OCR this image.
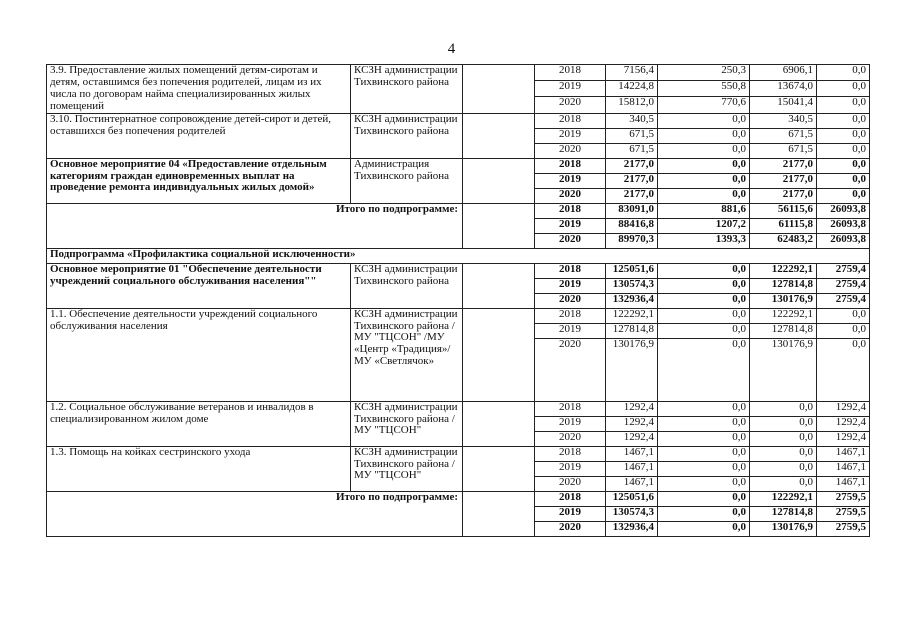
4
3.9. Предоставление жилых помещений детям-сиротам и детям, оставшимся без попечения родителей, лицам из их числа по договорам найма специализированных жилых помещений	КСЗН администрации Тихвинского района		2018	7156,4	250,3	6906,1	0,0	
			2019	14224,8	550,8	13674,0	0,0	
			2020	15812,0	770,6	15041,4	0,0	
3.10. Постинтернатное сопровождение детей-сирот и детей, оставшихся без попечения родителей	КСЗН администрации Тихвинского района		2018	340,5	0,0	340,5	0,0	
			2019	671,5	0,0	671,5	0,0	
			2020	671,5	0,0	671,5	0,0	
Основное мероприятие 04 «Предоставление отдельным категориям граждан единовременных выплат на проведение ремонта индивидуальных жилых домой»	Администрация Тихвинского района		2018	2177,0	0,0	2177,0	0,0	
			2019	2177,0	0,0	2177,0	0,0	
			2020	2177,0	0,0	2177,0	0,0	
Итого по подпрограмме:			2018	83091,0	881,6	56115,6	26093,8	
			2019	88416,8	1207,2	61115,8	26093,8	
			2020	89970,3	1393,3	62483,2	26093,8	
Подпрограмма «Профилактика социальной исключенности»								
Основное мероприятие 01 "Обеспечение деятельности учреждений социального обслуживания населения""	КСЗН администрации Тихвинского района		2018	125051,6	0,0	122292,1	2759,4	
			2019	130574,3	0,0	127814,8	2759,4	
			2020	132936,4	0,0	130176,9	2759,4	
1.1. Обеспечение деятельности учреждений социального обслуживания населения	КСЗН администрации Тихвинского района / МУ "ТЦСОН" /МУ «Центр «Традиция»/МУ «Светлячок»		2018	122292,1	0,0	122292,1	0,0	
			2019	127814,8	0,0	127814,8	0,0	
			2020	130176,9	0,0	130176,9	0,0	
1.2. Социальное обслуживание ветеранов и инвалидов в специализированном жилом доме	КСЗН администрации Тихвинского района / МУ "ТЦСОН"		2018	1292,4	0,0	0,0	1292,4	
			2019	1292,4	0,0	0,0	1292,4	
			2020	1292,4	0,0	0,0	1292,4	
1.3. Помощь на койках сестринского ухода	КСЗН администрации Тихвинского района / МУ "ТЦСОН"		2018	1467,1	0,0	0,0	1467,1	
			2019	1467,1	0,0	0,0	1467,1	
			2020	1467,1	0,0	0,0	1467,1	
Итого по подпрограмме:			2018	125051,6	0,0	122292,1	2759,5	
			2019	130574,3	0,0	127814,8	2759,5	
			2020	132936,4	0,0	130176,9	2759,5	
